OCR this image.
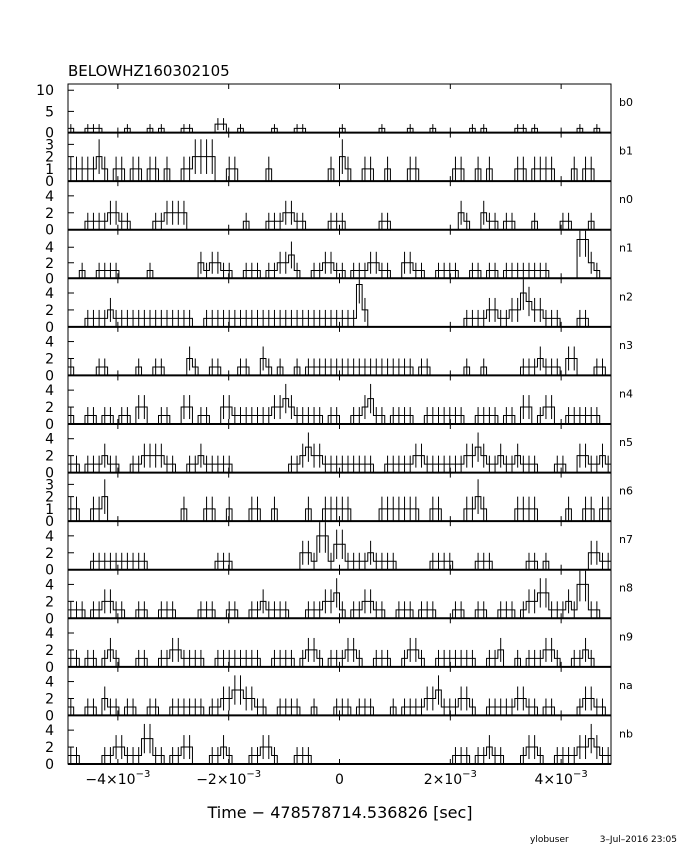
BELOWHZ160302105
0
5
10
b0
0
1
2
3	b1
0
2
4	n0
0
2
4	n1
0
2
4	n2
0
2
4	n3
0
2
4	n4
0
2
4	n5
0
1
2
3	n6
0
2
4	n7
0
2
4	n8
0
2
4	n9
0
2
4	na
0
2
4	nb
$-4\times 10^{-3}$	$-2\times 10^{-3}$	0	$2\times 10^{-3}$	$4\times 10^{-3}$
Time − 478578714.536826 [sec]
ylobuser	3–Jul–2016 23:05
